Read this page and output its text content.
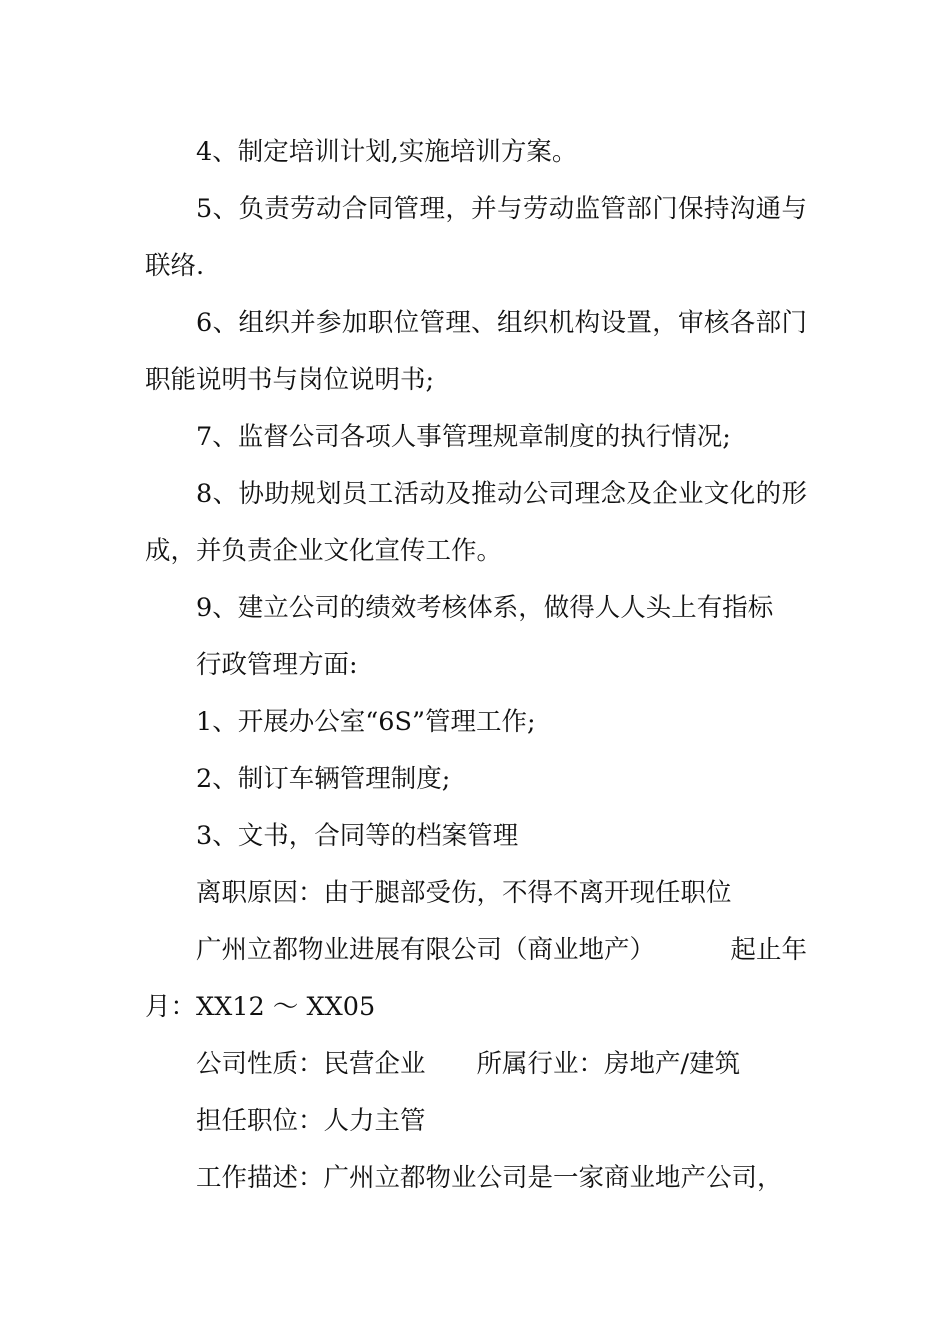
4、制定培训计划,实施培训方案。

5、负责劳动合同管理，并与劳动监管部门保持沟通与联络.

6、组织并参加职位管理、组织机构设置，审核各部门职能说明书与岗位说明书;

7、监督公司各项人事管理规章制度的执行情况;

8、协助规划员工活动及推动公司理念及企业文化的形成，并负责企业文化宣传工作。

9、建立公司的绩效考核体系，做得人人头上有指标

行政管理方面:

1、开展办公室“6S”管理工作;

2、制订车辆管理制度;

3、文书，合同等的档案管理

离职原因：由于腿部受伤，不得不离开现任职位

广州立都物业进展有限公司（商业地产）	起止年
月：XX12 ～ XX05

公司性质：民营企业　　所属行业：房地产/建筑

担任职位：人力主管

工作描述：广州立都物业公司是一家商业地产公司，
